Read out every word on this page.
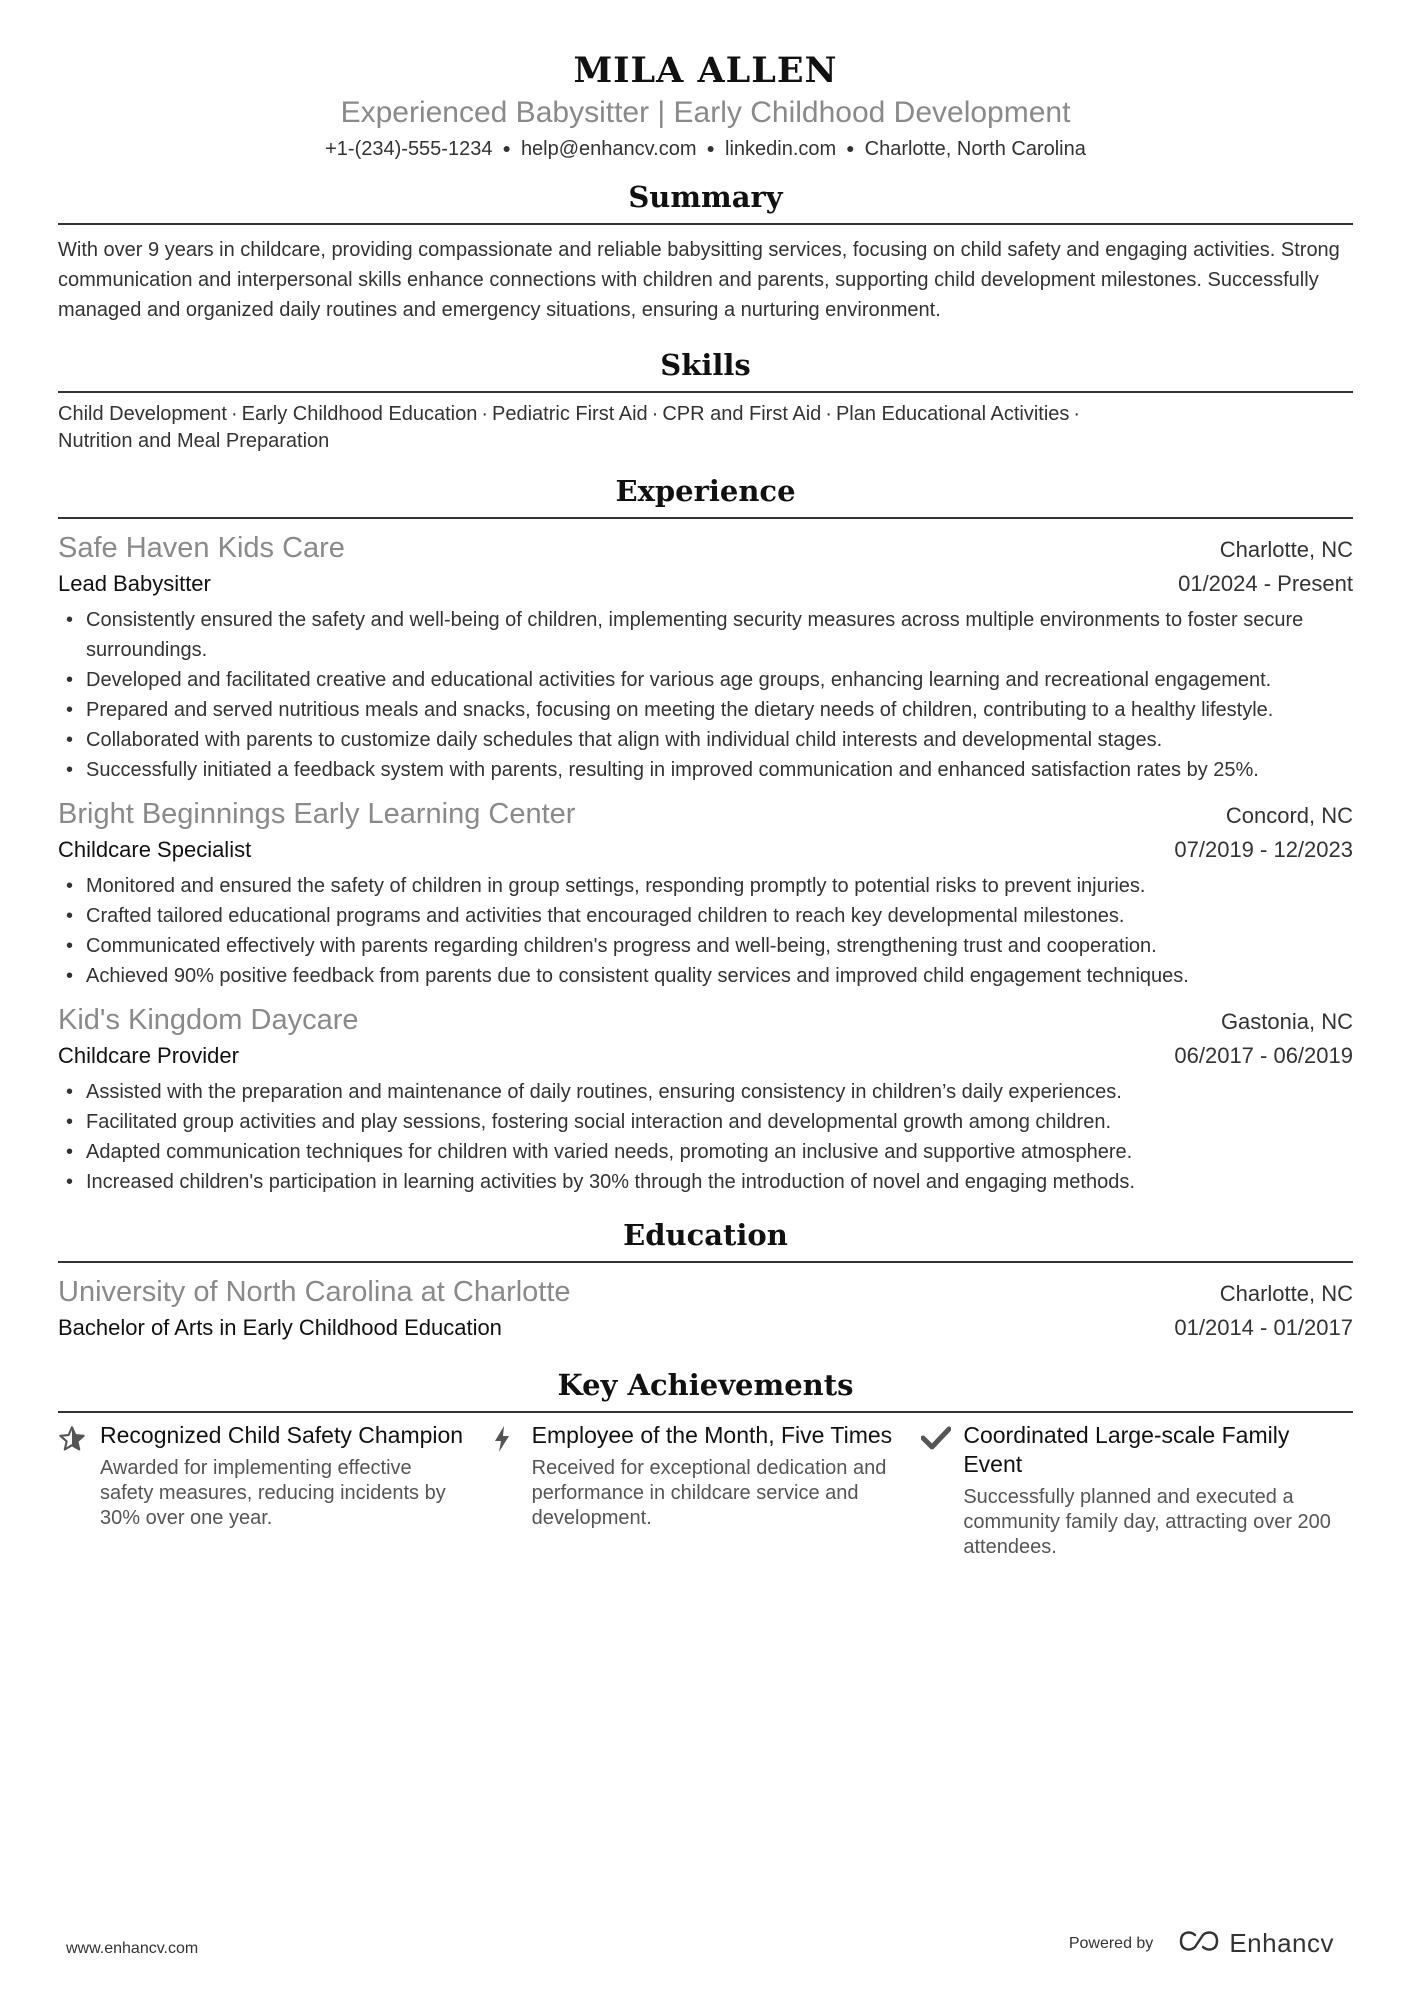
MILA ALLEN
Experienced Babysitter | Early Childhood Development
+1-(234)-555-1234 ● help@enhancv.com ● linkedin.com ● Charlotte, North Carolina
Summary
With over 9 years in childcare, providing compassionate and reliable babysitting services, focusing on child safety and engaging activities. Strong communication and interpersonal skills enhance connections with children and parents, supporting child development milestones. Successfully managed and organized daily routines and emergency situations, ensuring a nurturing environment.
Skills
Child Development · Early Childhood Education · Pediatric First Aid · CPR and First Aid · Plan Educational Activities ·
Nutrition and Meal Preparation
Experience
Safe Haven Kids Care	Charlotte, NC
Lead Babysitter	01/2024 - Present
• Consistently ensured the safety and well-being of children, implementing security measures across multiple environments to foster secure surroundings.
• Developed and facilitated creative and educational activities for various age groups, enhancing learning and recreational engagement.
• Prepared and served nutritious meals and snacks, focusing on meeting the dietary needs of children, contributing to a healthy lifestyle.
• Collaborated with parents to customize daily schedules that align with individual child interests and developmental stages.
• Successfully initiated a feedback system with parents, resulting in improved communication and enhanced satisfaction rates by 25%.
Bright Beginnings Early Learning Center	Concord, NC
Childcare Specialist	07/2019 - 12/2023
• Monitored and ensured the safety of children in group settings, responding promptly to potential risks to prevent injuries.
• Crafted tailored educational programs and activities that encouraged children to reach key developmental milestones.
• Communicated effectively with parents regarding children's progress and well-being, strengthening trust and cooperation.
• Achieved 90% positive feedback from parents due to consistent quality services and improved child engagement techniques.
Kid's Kingdom Daycare	Gastonia, NC
Childcare Provider	06/2017 - 06/2019
• Assisted with the preparation and maintenance of daily routines, ensuring consistency in children’s daily experiences.
• Facilitated group activities and play sessions, fostering social interaction and developmental growth among children.
• Adapted communication techniques for children with varied needs, promoting an inclusive and supportive atmosphere.
• Increased children's participation in learning activities by 30% through the introduction of novel and engaging methods.
Education
University of North Carolina at Charlotte	Charlotte, NC
Bachelor of Arts in Early Childhood Education	01/2014 - 01/2017
Key Achievements
Recognized Child Safety Champion
Awarded for implementing effective safety measures, reducing incidents by 30% over one year.
Employee of the Month, Five Times
Received for exceptional dedication and performance in childcare service and development.
Coordinated Large-scale Family Event
Successfully planned and executed a community family day, attracting over 200 attendees.
www.enhancv.com	Powered by	Enhancv
